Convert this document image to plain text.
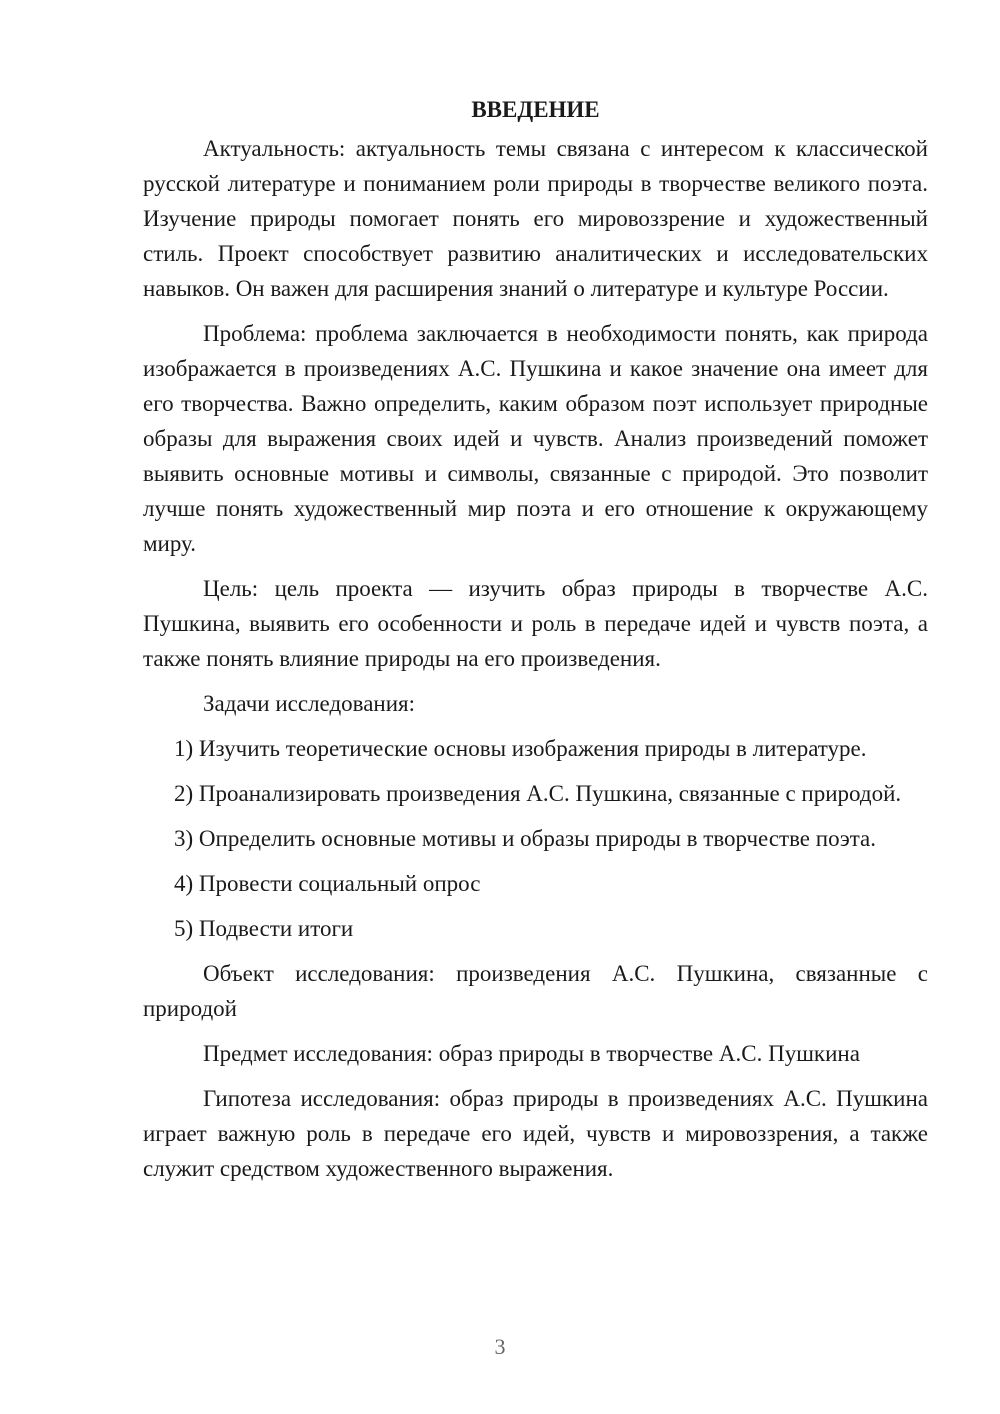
ВВЕДЕНИЕ

Актуальность: актуальность темы связана с интересом к классической русской литературе и пониманием роли природы в творчестве великого поэта. Изучение природы помогает понять его мировоззрение и художественный стиль. Проект способствует развитию аналитических и исследовательских навыков. Он важен для расширения знаний о литературе и культуре России.

Проблема: проблема заключается в необходимости понять, как природа изображается в произведениях А.С. Пушкина и какое значение она имеет для его творчества. Важно определить, каким образом поэт использует природные образы для выражения своих идей и чувств. Анализ произведений поможет выявить основные мотивы и символы, связанные с природой. Это позволит лучше понять художественный мир поэта и его отношение к окружающему миру.

Цель: цель проекта — изучить образ природы в творчестве А.С. Пушкина, выявить его особенности и роль в передаче идей и чувств поэта, а также понять влияние природы на его произведения.

Задачи исследования:

1) Изучить теоретические основы изображения природы в литературе.

2) Проанализировать произведения А.С. Пушкина, связанные с природой.

3) Определить основные мотивы и образы природы в творчестве поэта.

4) Провести социальный опрос

5) Подвести итоги

Объект исследования: произведения А.С. Пушкина, связанные с природой

Предмет исследования: образ природы в творчестве А.С. Пушкина

Гипотеза исследования: образ природы в произведениях А.С. Пушкина играет важную роль в передаче его идей, чувств и мировоззрения, а также служит средством художественного выражения.

3
